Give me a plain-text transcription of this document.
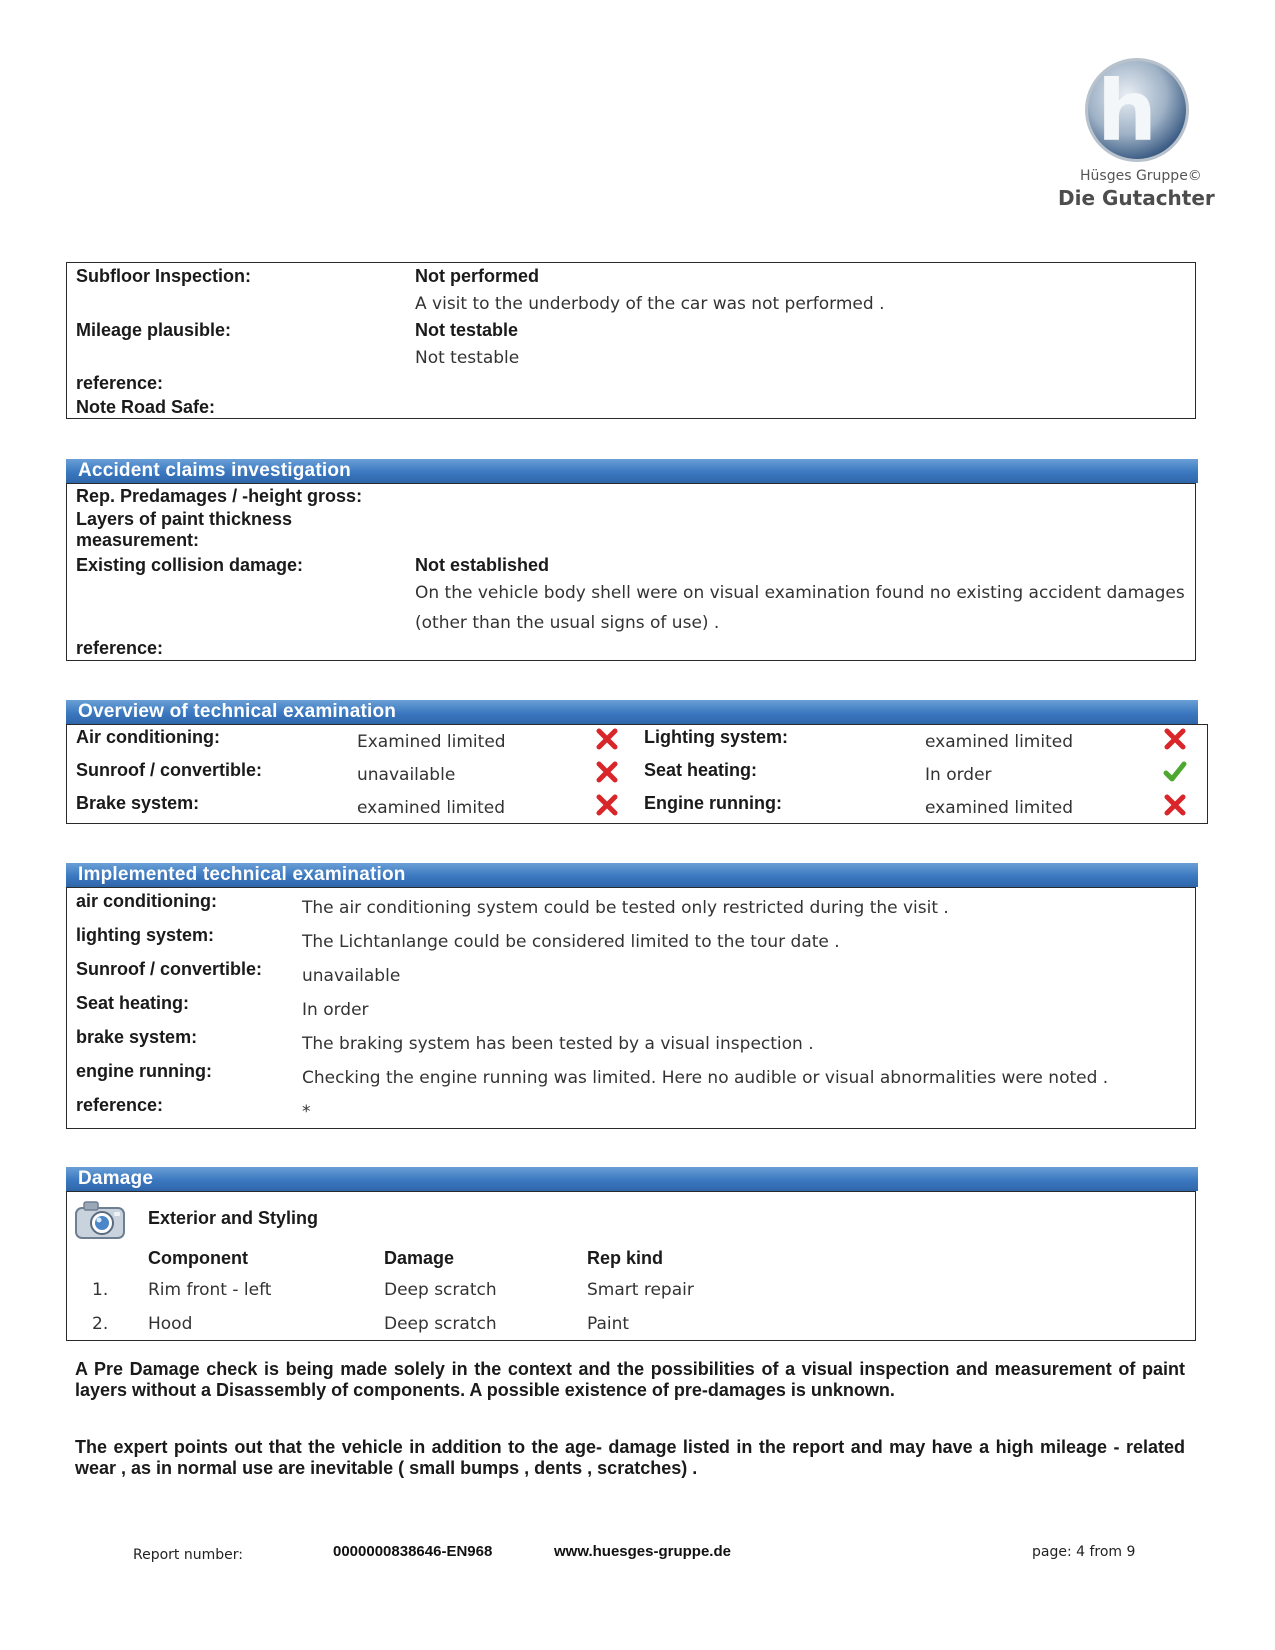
h
Hüsges Gruppe©
Die Gutachter
Subfloor Inspection:	Not performed
A visit to the underbody of the car was not performed .
Mileage plausible:	Not testable
Not testable
reference:
Note Road Safe:
Accident claims investigation
Rep. Predamages / -height gross:
Layers of paint thickness
measurement:
Existing collision damage:	Not established
On the vehicle body shell were on visual examination found no existing accident damages
(other than the usual signs of use) .
reference:
Overview of technical examination
Air conditioning:	Examined limited
Sunroof / convertible:	unavailable
Brake system:	examined limited
Lighting system:	examined limited
Seat heating:	In order
Engine running:	examined limited
Implemented technical examination
air conditioning:	The air conditioning system could be tested only restricted during the visit .
lighting system:	The Lichtanlange could be considered limited to the tour date .
Sunroof / convertible: unavailable
Seat heating:	In order
brake system:	The braking system has been tested by a visual inspection .
engine running:	Checking the engine running was limited. Here no audible or visual abnormalities were noted .
reference:	*
Damage
Exterior and Styling
Component	Damage	Rep kind
1. Rim front - left	Deep scratch	Smart repair
2. Hood	Deep scratch	Paint
A Pre Damage check is being made solely in the context and the possibilities of a visual inspection and measurement of paint layers without a Disassembly of components. A possible existence of pre-damages is unknown.
The expert points out that the vehicle in addition to the age- damage listed in the report and may have a high mileage - related wear , as in normal use are inevitable ( small bumps , dents , scratches) .
Report number:	0000000838646-EN968	www.huesges-gruppe.de	page: 4 from 9
